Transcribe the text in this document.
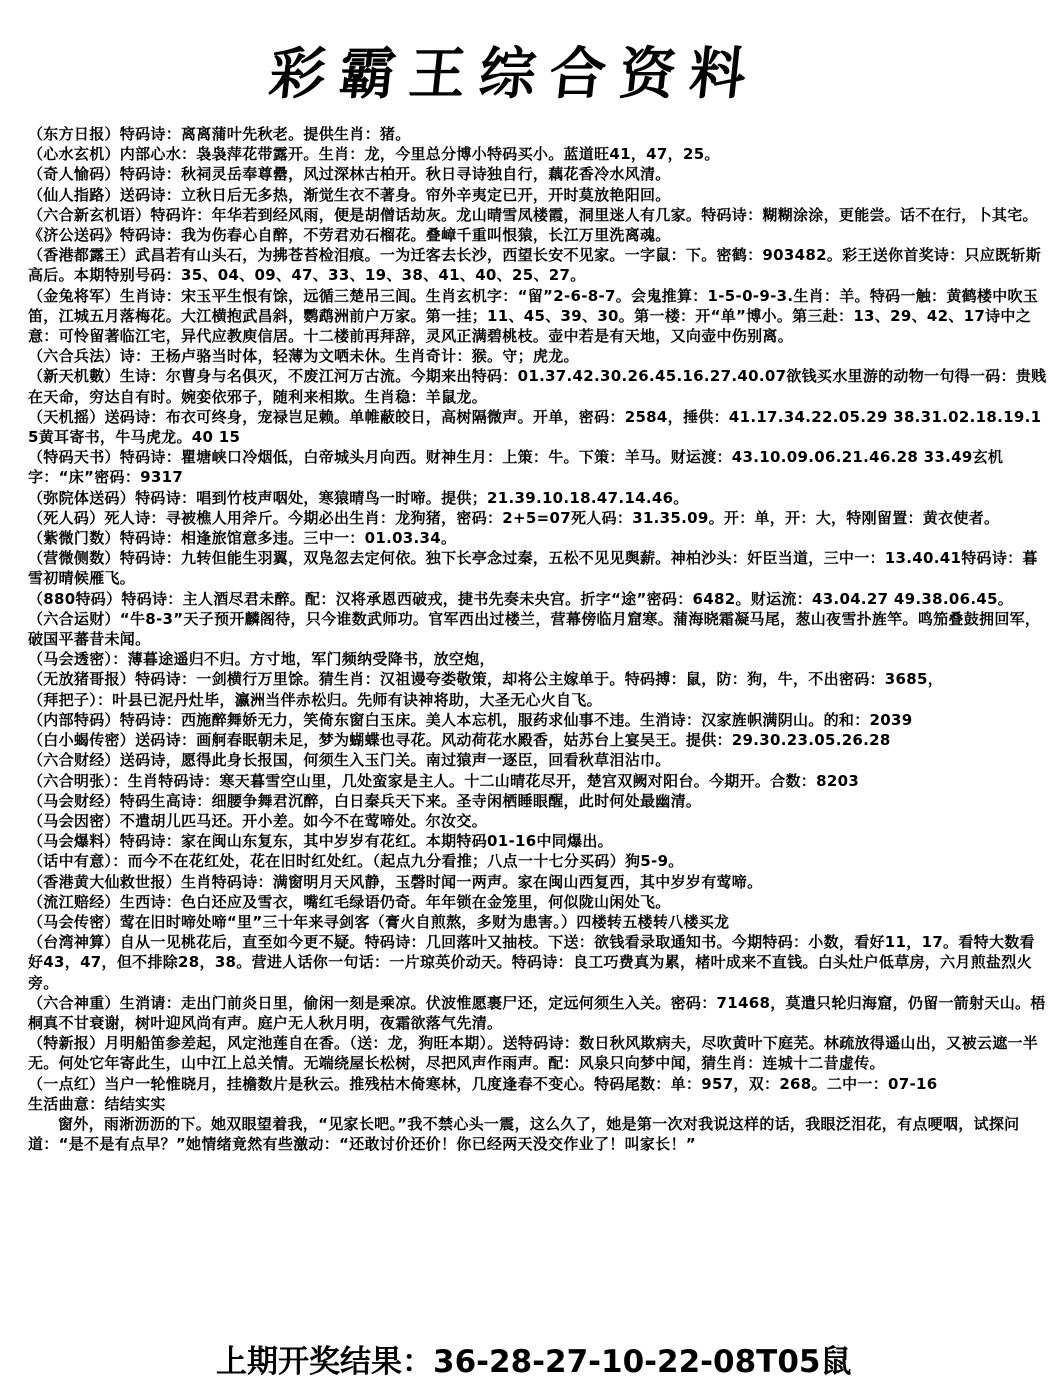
彩霸王综合资料

（东方日报）特码诗：离离蒲叶先秋老。提供生肖：猪。

（心水玄机）内部心水：袅袅萍花带露开。生肖：龙，今里总分博小特码买小。蓝道旺41，47，25。

（奇人愉码）特码诗：秋祠灵岳奉尊罍，风过深林古柏开。秋日寻诗独自行，藕花香冷水风清。

（仙人指路）送码诗：立秋日后无多热，渐觉生衣不著身。帘外辛夷定已开，开时莫放艳阳回。

（六合新玄机语）特码许：年华若到经风雨，便是胡僧话劫灰。龙山晴雪凤楼霞，洞里迷人有几家。特码诗：糊糊涂涂，更能尝。话不在行，卜其宅。

《济公送码》特码诗：我为伤春心自醉，不劳君劝石榴花。叠嶂千重叫恨猿，长江万里洗离魂。

（香港都露王）武昌若有山头石，为拂苍苔检泪痕。一为迁客去长沙，西望长安不见家。一字鼠：下。密鹤：903482。彩王送你首奖诗：只应既斩斯高后。本期特别号码：35、04、09、47、33、19、38、41、40、25、27。

（金兔将军）生肖诗：宋玉平生恨有馀，远循三楚吊三闾。生肖玄机字：“留”2-6-8-7。会鬼推算：1-5-0-9-3.生肖：羊。特码一触：黄鹤楼中吹玉笛，江城五月落梅花。大江横抱武昌斜，鹦鹉洲前户万家。第一挂；11、45、39、30。第一楼：开“单”博小。第三赴：13、29、42、17诗中之意：可怜留著临江宅，异代应教庾信居。十二楼前再拜辞，灵风正满碧桃枝。壶中若是有天地，又向壶中伤别离。

（六合兵法）诗：王杨卢骆当时体，轻薄为文哂未休。生肖奇计：猴。守；虎龙。

（新天机數）生诗：尔曹身与名俱灭，不废江河万古流。今期来出特码：01.37.42.30.26.45.16.27.40.07欲钱买水里游的动物一句得一码：贵贱在天命，穷达自有时。婉娈依邪子，随利来相欺。生肖稳：羊鼠龙。

（天机摇）送码诗：布衣可终身，宠禄岂足赖。单帷蔽皎日，高树隔微声。开单，密码：2584，捶供：41.17.34.22.05.29 38.31.02.18.19.15黄耳寄书，牛马虎龙。40 15

（特码天书）特码诗：瞿塘峡口冷烟低，白帝城头月向西。财神生月：上策：牛。下策：羊马。财运渡：43.10.09.06.21.46.28 33.49玄机字：“床”密码：9317

（弥院体送码）特码诗：唱到竹枝声咽处，寒猿晴鸟一时啼。提供；21.39.10.18.47.14.46。

（死人码）死人诗：寻被樵人用斧斤。今期必出生肖：龙狗猪，密码：2+5=07死人码：31.35.09。开：单，开：大，特刚留置：黄衣使者。

（紫微门数）特码诗：相逢旅馆意多违。三中一：01.03.34。

（营微侧数）特码诗：九转但能生羽翼，双凫忽去定何依。独下长亭念过秦，五松不见见舆薪。神柏沙头：奸臣当道，三中一：13.40.41特码诗：暮雪初晴候雁飞。

（880特码）特码诗：主人酒尽君未醉。配：汉将承恩西破戎，捷书先奏未央宫。折字“途”密码：6482。财运流：43.04.27 49.38.06.45。

（六合运财）“牛8-3”天子预开麟阁待，只今谁数武师功。官军西出过楼兰，营幕傍临月窟寒。蒲海晓霜凝马尾，葱山夜雪扑旌竿。鸣笳叠鼓拥回军，破国平蕃昔未闻。

（马会透密）：薄暮途遥归不归。方寸地，军门频纳受降书，放空炮，

（无放猪哥报）特码诗：一剑横行万里馀。猜生肖：汉祖谩夸娄敬策，却将公主嫁单于。特码搏：鼠，防：狗，牛，不出密码：3685，

（拜把子）：叶县已泥丹灶毕，瀛洲当伴赤松归。先师有诀神将助，大圣无心火自飞。

（内部特码）特码诗：西施醉舞娇无力，笑倚东窗白玉床。美人本忘机，服药求仙事不违。生消诗：汉家旌帜满阴山。的和：2039

（白小蝎传密）送码诗：画舸春眠朝未足，梦为蝴蝶也寻花。风动荷花水殿香，姑苏台上宴吴王。提供：29.30.23.05.26.28

（六合财经）送码诗，愿得此身长报国，何须生入玉门关。南过猿声一逐臣，回看秋草泪沾巾。

（六合明张）：生肖特码诗：寒天暮雪空山里，几处蛮家是主人。十二山晴花尽开，楚宫双阙对阳台。今期开。合数：8203

（马会财经）特码生高诗：细腰争舞君沉醉，白日秦兵天下来。圣寺闲栖睡眼醒，此时何处最幽清。

（马会因密）不遣胡儿匹马还。开小差。如今不在莺啼处。尔汝交。

（马会爆料）特码诗：家在闽山东复东，其中岁岁有花红。本期特码01-16中同爆出。

（话中有意）：而今不在花红处，花在旧时红处红。（起点九分看推；八点一十七分买码）狗5-9。

（香港黄大仙救世报）生肖特码诗：满窗明月天风静，玉磬时闻一两声。家在闽山西复西，其中岁岁有莺啼。

（流江赔经）生西诗：色白还应及雪衣，嘴红毛绿语仍奇。年年锁在金笼里，何似陇山闲处飞。

（马会传密）莺在旧时啼处啼“里”三十年来寻剑客（膏火自煎熬，多财为患害。）四楼转五楼转八楼买龙

（台湾神算）自从一见桃花后，直至如今更不疑。特码诗：几回落叶又抽枝。下送：欲钱看录取通知书。今期特码：小数，看好11，17。看特大数看好43，47，但不排除28，38。营进人话你一句话：一片琼英价动天。特码诗：良工巧费真为累，楮叶成来不直钱。白头灶户低草房，六月煎盐烈火旁。

（六合神重）生消请：走出门前炎日里，偷闲一刻是乘凉。伏波惟愿裹尸还，定远何须生入关。密码：71468，莫遣只轮归海窟，仍留一箭射天山。梧桐真不甘衰谢，树叶迎风尚有声。庭户无人秋月明，夜霜欲落气先清。

（特新报）月明船笛参差起，风定池莲自在香。（送：龙，狗旺本期）。送特码诗：数日秋风欺病夫，尽吹黄叶下庭芜。林疏放得遥山出，又被云遮一半无。何处它年寄此生，山中江上总关情。无端绕屋长松树，尽把风声作雨声。配：风泉只向梦中闻，猜生肖：连城十二昔虚传。

（一点红）当户一轮惟晓月，挂檐数片是秋云。推残枯木倚寒林，几度逢春不变心。特码尾数：单：957，双：268。二中一：07-16

生活曲意：结结实实

窗外，雨淅沥沥的下。她双眼望着我，“见家长吧。”我不禁心头一震，这么久了，她是第一次对我说这样的话，我眼泛泪花，有点哽咽，试探问道：“是不是有点早？”她情绪竟然有些激动：“还敢讨价还价！你已经两天没交作业了！叫家长！”

上期开奖结果：36-28-27-10-22-08T05鼠
